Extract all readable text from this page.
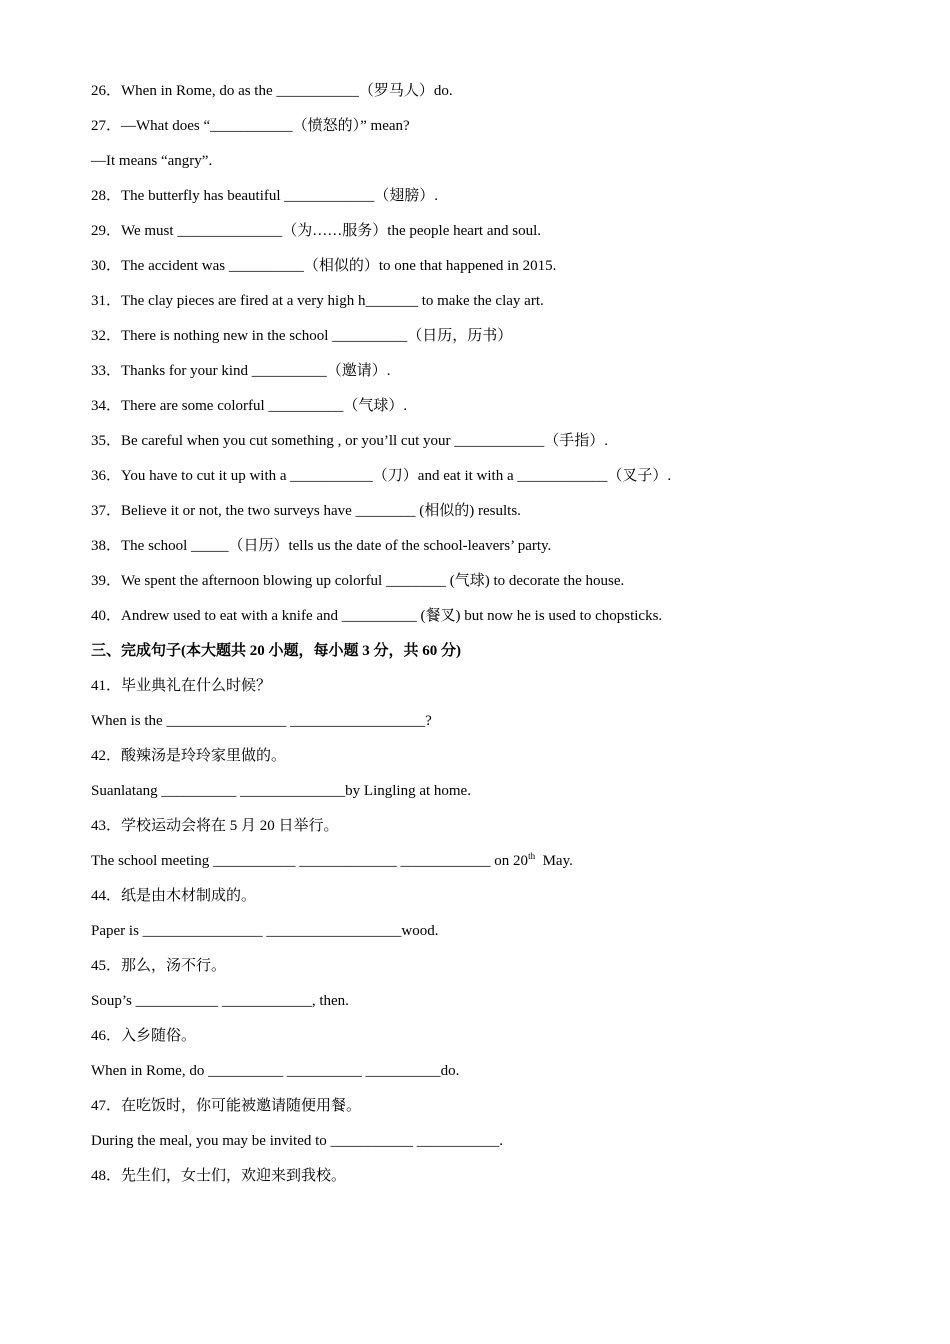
26．When in Rome, do as the ___________（罗马人）do.
27．—What does “___________（愤怒的）” mean?
—It means “angry”.
28．The butterfly has beautiful ____________（翅膀）.
29．We must ______________（为……服务）the people heart and soul.
30．The accident was __________（相似的）to one that happened in 2015.
31．The clay pieces are fired at a very high h_______ to make the clay art.
32．There is nothing new in the school __________（日历，历书）
33．Thanks for your kind __________（邀请）.
34．There are some colorful __________（气球）.
35．Be careful when you cut something , or you’ll cut your ____________（手指）.
36．You have to cut it up with a ___________（刀）and eat it with a ____________（叉子）.
37．Believe it or not, the two surveys have ________ (相似的) results.
38．The school _____（日历）tells us the date of the school-leavers’ party.
39．We spent the afternoon blowing up colorful ________ (气球) to decorate the house.
40．Andrew used to eat with a knife and __________ (餐叉) but now he is used to chopsticks.
三、完成句子(本大题共 20 小题，每小题 3 分，共 60 分)
41．毕业典礼在什么时候？
When is the ________________ __________________?
42．酸辣汤是玲玲家里做的。
Suanlatang __________ ______________by Lingling at home.
43．学校运动会将在 5 月 20 日举行。
The school meeting ___________ _____________ ____________ on 20th  May.
44．纸是由木材制成的。
Paper is ________________ __________________wood.
45．那么，汤不行。
Soup’s ___________ ____________, then.
46．入乡随俗。
When in Rome, do __________ __________ __________do.
47．在吃饭时，你可能被邀请随便用餐。
During the meal, you may be invited to ___________ ___________.
48．先生们，女士们，欢迎来到我校。
